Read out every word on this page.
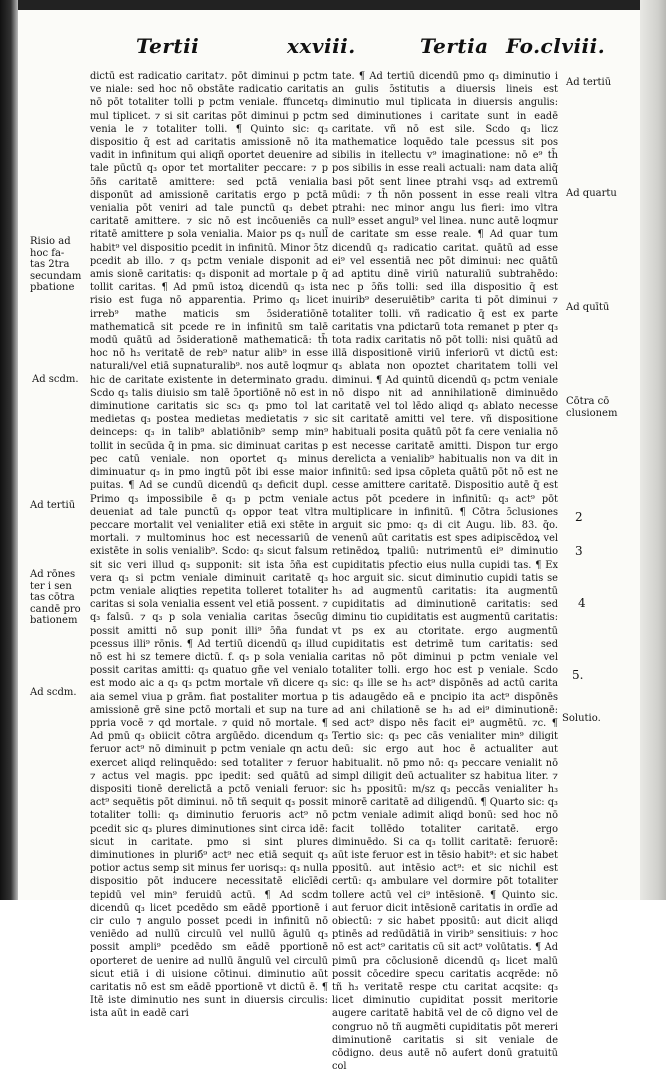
Tertii	xxviii.	Tertia Fo.clviii.

dictū est radicatio caritat⁊. pōt diminui p pctm ve niale: sed hoc nō obstāte radicatio caritatis nō pōt totaliter tolli p pctm veniale. ffuncetq₃ mul tiplicet. ⁊ si sit caritas pōt diminui p pctm venia le ⁊ totaliter tolli. ¶ Quinto sic: q₃ dispositio q̄ est ad caritatis amissionē nō ita vadit in infinitum qui aliqñ oportet deuenire ad tale pūctū q₃ opor tet mortaliter peccare: ⁊ p ɔ̄ñs caritatē amittere: sed pctā venialia disponūt ad amissionē caritatis ergo p pctā venialia pōt veniri ad tale punctū q₃ debet caritatē amittere. ⁊ sic nō est incōueniēs ca ritatē amittere p sola venialia. Maior ps q₃ null̄ habit⁹ vel dispositio pcedit in infinitū. Minor ɔ̄tz pcedit ab illo. ⁊ q₃ pctm veniale disponit ad amis sionē caritatis: q₃ disponit ad mortale p q̄ tollit caritas. ¶ Ad pmū istoꝝ dicendū q₃ ista risio est fuga nō apparentia. Primo q₃ licet irreb⁹ mathe maticis sm ɔ̄sideratiōnē mathematicā sit pcede re in infinitū sm talē modū quātū ad ɔ̄siderationē mathematicā: th̄ hoc nō h₃ veritatē de reb⁹ natur alib⁹ in esse naturali/vel etiā supnaturalib⁹. nos autē loqmur hic de caritate existente in determinato gradu. Scdo q₃ talis diuisio sm talē ɔ̄portiōnē nō est in diminutione caritatis sic sc₃ q₃ pmo tol lat medietas q₃ postea medietas medietatis ⁊ sic deinceps: q₃ in talib⁹ ablatiōnib⁹ semp min⁹ tollit in secūda q̄ in pma. sic diminuat caritas p pec catū veniale. non oportet q₃ minus diminuatur q₃ in pmo ingtū pōt ibi esse maior puitas. ¶ Ad se cundū dicendū q₃ deficit dupl. Primo q₃ impossibile ē q₃ p pctm veniale deueniat ad tale punctū q₃ oppor teat vltra peccare mortalit vel venialiter etiā exi stēte in mortali. ⁊ multominus hoc est necessariū de existēte in solis venialib⁹. Scdo: q₃ sicut falsum sit sic veri illud q₃ supponit: sit ista ɔ̄ña est vera q₃ si pctm veniale diminuit caritatē q₃ pctm veniale aliqties repetita tolleret totaliter caritas si sola venialia essent vel etiā possent. ⁊ q₃ falsū. ⁊ q₃ p sola venialia caritas ɔ̄secūg possit amitti nō sup ponit illi⁹ ɔ̄ña fundat pcessus illi⁹ rōnis. ¶ Ad tertiū dicendū q₃ illud nō est hi sz temere dictū. f. q₃ p sola venialia possit caritas amitti: q₃ quatuo gñe vel venialo est modo aic a q₃ q₃ pctm mortale vñ dicere q₃ aia semel viua p grām. fiat postaliter mortua p amissionē grē sine pctō mortali et sup na ture ppria vocē ⁊ qd mortale. ⁊ quid nō mortale. ¶ Ad pmū q₃ obiicit cōtra argūēdo. dicendum q₃ feruor act⁹ nō diminuit p pctm veniale qn actu exercet aliqd relinquēdo: sed totaliter ⁊ feruor ⁊ actus vel magis. ppc ipedit: sed quātū ad dispositi tionē derelictā a pctō veniali feruor: act⁹ sequētis pōt diminui. nō tñ sequit q₃ possit totaliter tolli: q₃ diminutio feruoris act⁹ nō pcedit sic q₃ plures diminutiones sint circa idē: sicut in caritate. pmo si sint plures diminutiones in pluriб⁹ act⁹ nec etiā sequit q₃ potior actus semp sit minus fer uorisq₃: q₃ nulla dispositio pōt inducere necessitatē elicīēdi tepidū vel min⁹ feruidū actū. ¶ Ad scdm dicendū q₃ licet pcedēdo sm eādē pportionē i cir culo ⁊ angulo posset pcedi in infinitū nō veniēdo ad nullū circulū vel nullū āgulū q₃ possit ampli⁹ pcedēdo sm eādē pportionē oporteret de uenire ad nullū āngulū vel circulū sicut etiā i di uisione cōtinui. diminutio aūt caritatis nō est sm eādē pportionē vt dictū ē. ¶ Itē iste diminutio nes sunt in diuersis circulis: ista aūt in eadē cari

tate. ¶ Ad tertiū dicendū pmo q₃ diminutio i an gulis ɔ̄stitutis a diuersis lineis est diminutio mul tiplicata in diuersis angulis: sed diminutiones i caritate sunt in eadē caritate. vñ nō est sile. Scdo q₃ licz mathematice loquēdo tale pcessus sit pos sibilis in itellectu v⁹ imaginatione: nō e⁹ th̄ pos sibilis in esse reali actuali: nam data aliq̄ basi pōt sent linee ptrahi vsq₃ ad extremū mūdi: ⁊ th̄ nōn possent in esse reali vltra ptrahi: nec minor angu lus fieri: imo vltra null⁹ esset angul⁹ vel linea. nunc autē loqmur de caritate sm esse reale. ¶ Ad quar tum dicendū q₃ radicatio caritat. quātū ad esse ei⁹ vel essentiā nec pōt diminui: nec quātū ad aptitu dinē viriū naturaliū subtrahēdo: nec p ɔ̄ñs tolli: sed illa dispositio q̄ est inuirib⁹ deseruiētib⁹ carita ti pōt diminui ⁊ totaliter tolli. vñ radicatio q̄ est ex parte caritatis vna pdictarū tota remanet p pter q₃ tota radix caritatis nō pōt tolli: nisi quātū ad illā dispositionē viriū inferiorū vt dictū est: q₃ ablata non opoztet charitatem tolli vel diminui. ¶ Ad quintū dicendū q₃ pctm veniale nō dispo nit ad annihilationē diminuēdo caritatē vel tol lēdo aliqd q₃ ablato necesse sit caritatē amitti vel tere. vñ dispositione habituali posita quātū pōt fa cere venialia nō est necesse caritatē amitti. Dispon tur ergo derelicta a venialib⁹ habitualis non va dit in infinitū: sed ipsa cōpleta quātū pōt nō est ne cesse amittere caritatē. Dispositio autē q̄ est actus pōt pcedere in infinitū: q₃ act⁹ pōt multiplicare in infinitū. ¶ Cōtra ɔ̄clusiones arguit sic pmo: q₃ di cit Augu. lib. 83. q̄o. venenū aūt caritatis est spes adipiscēdoꝝ vel retinēdoꝝ tpaliū: nutrimentū ei⁹ diminutio cupiditatis pfectio eius nulla cupidi tas. ¶ Ex hoc arguit sic. sicut diminutio cupidi tatis se h₃ ad augmentū caritatis: ita augmentū cupiditatis ad diminutionē caritatis: sed diminu tio cupiditatis est augmentū caritatis: vt ps ex au ctoritate. ergo augmentū cupiditatis est detrimē tum caritatis: sed caritas nō pōt diminui p pctm veniale vel totaliter tolli. ergo hoc est p veniale. Scdo sic: q₃ ille se h₃ act⁹ dispōnēs ad actū carita tis adaugēdo eā e pncipio ita act⁹ dispōnēs ad ani chilationē se h₃ ad ei⁹ diminutionē: sed act⁹ dispo nēs facit ei⁹ augmētū. ⁊c. ¶ Tertio sic: q₃ pec cās venialiter min⁹ diligit deū: sic ergo aut hoc ē actualiter aut habitualit. nō pmo nō: q₃ peccare venialit nō simpl diligit deū actualiter sz habitua liter. ⁊ sic h₃ ppositū: m/sz q₃ peccās venialiter h₃ minorē caritatē ad diligendū. ¶ Quarto sic: q₃ pctm veniale adimit aliqd bonū: sed hoc nō facit tollēdo totaliter caritatē. ergo diminuēdo. Si ca q₃ tollit caritatē: feruorē: aūt iste feruor est in tēsio habit⁹: et sic habet ppositū. aut intēsio act⁹: et sic nichil est certū: q₃ ambulare vel dormire pōt totaliter tollere actū vel ci⁹ intēsionē. ¶ Quinto sic. aut feruor dicit intēsionē caritatis in ordīe ad obiectū: ⁊ sic habet ppositū: aut dicit aliqd ptinēs ad redūdātiā in virib⁹ sensitiuis: ⁊ hoc nō est act⁹ caritatis cū sit act⁹ volūtatis. ¶ Ad pimū pra cōclusionē dicendū q₃ licet malū possit cōcedire specu caritatis acqrēde: nō tñ h₃ veritatē respe ctu caritat acqsite: q₃ licet diminutio cupiditat possit meritorie augere caritatē habitā vel de cō digno vel de congruo nō tñ augmēti cupiditatis pōt mereri diminutionē caritatis si sit veniale de cōdigno. deus autē nō aufert donū gratuitū col

Risio ad
hoc fa-
tas 2tra
secundam
pbatione
Ad scdm.
Ad tertiū
Ad rōnes
ter i sen
tas cōtra
candē pro
bationem
Ad scdm.
Ad tertiū
Ad quartu
Ad quītū
Cōtra cō
clusionem
2
3
4
5.
Solutio.
